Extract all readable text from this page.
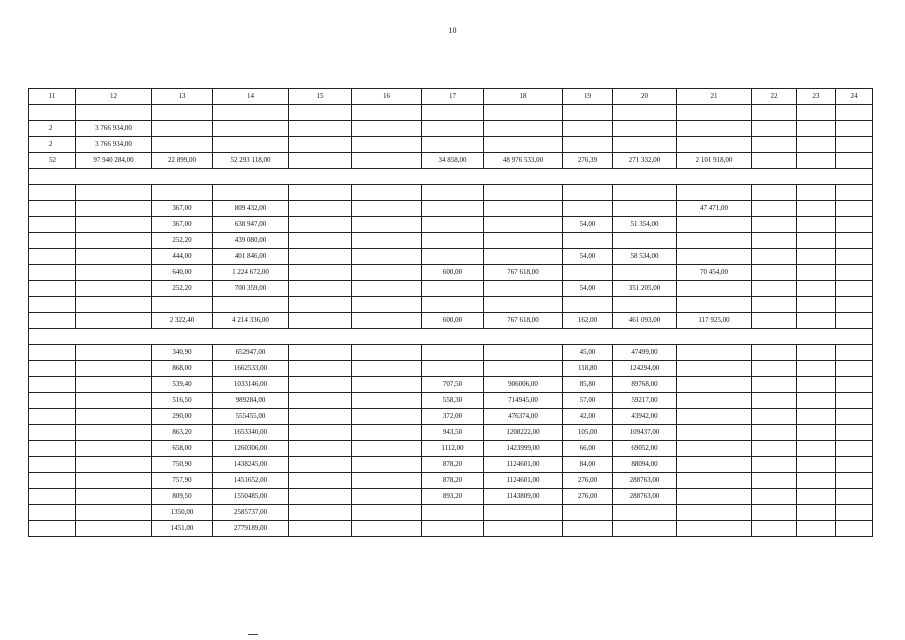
10
11	12	13	14	15	16	17	18	19	20	21	22	23	24

2	3 766 934,00												
2	3 766 934,00												
52	97 940 284,00	22 899,00	52 293 118,00			34 858,00	48 976 533,00	276,39	271 332,00	2 101 918,00			

		367,00	809 432,00							47 471,00			
		367,00	638 947,00					54,00	51 354,00				
		252,20	439 080,00										
		444,00	401 846,00					54,00	58 534,00				
		640,00	1 224 672,00			600,00	767 618,00			70 454,00			
		252,20	700 359,00					54,00	351 205,00				

		2 322,40	4 214 336,00			600,00	767 618,00	162,00	461 093,00	117 925,00			

		340,90	652947,00					45,00	47499,00				
		868,00	1662533,00					118,80	124294,00				
		539,40	1033146,00			707,50	906006,00	85,80	89768,00				
		516,50	989284,00			558,30	714945,00	57,00	59217,00				
		290,00	555455,00			372,00	476374,00	42,00	43942,00				
		863,20	1653340,00			943,50	1208222,00	105,00	109437,00				
		658,00	1260306,00			1112,00	1423999,00	66,00	69052,00				
		750,90	1438245,00			878,20	1124601,00	84,00	88094,00				
		757,90	1451652,00			878,20	1124601,00	276,00	288763,00				
		809,50	1550485,00			893,20	1143809,00	276,00	288763,00				
		1350,00	2585737,00										
		1451,00	2779189,00										
